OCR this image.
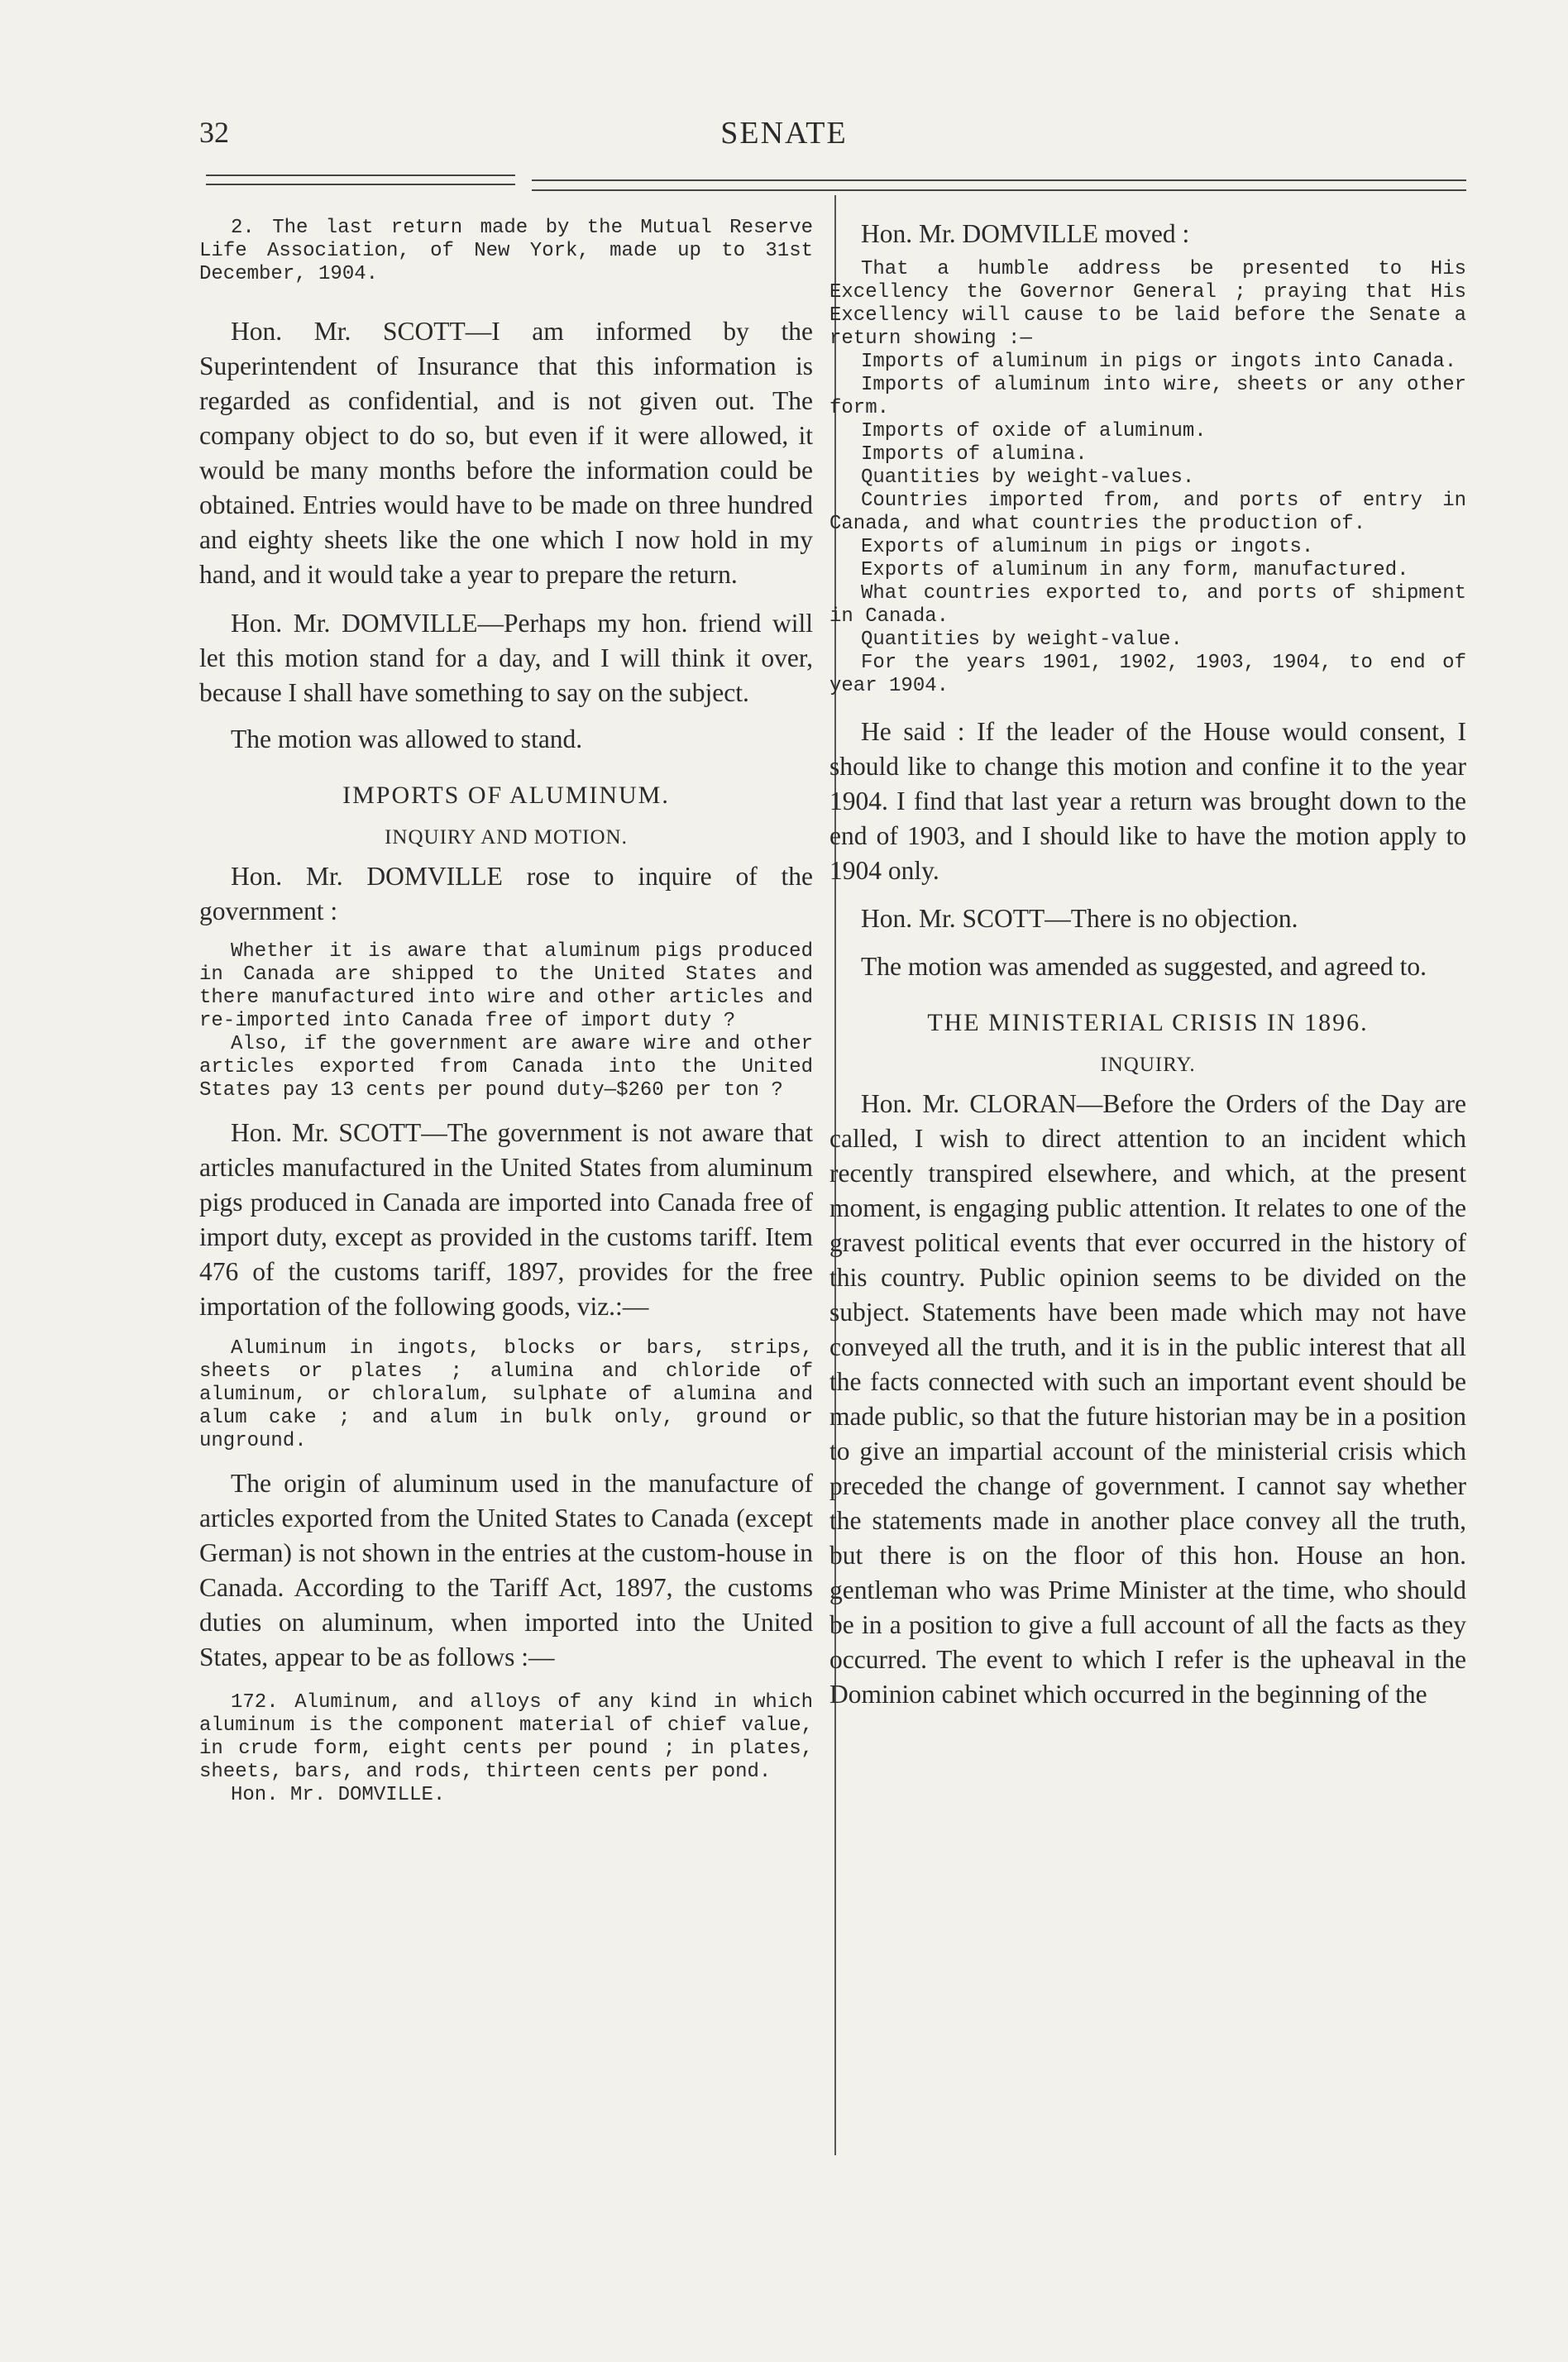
32	SENATE

2. The last return made by the Mutual Reserve Life Association, of New York, made up to 31st December, 1904.

Hon. Mr. SCOTT—I am informed by the Superintendent of Insurance that this information is regarded as confidential, and is not given out. The company object to do so, but even if it were allowed, it would be many months before the information could be obtained. Entries would have to be made on three hundred and eighty sheets like the one which I now hold in my hand, and it would take a year to prepare the return.

Hon. Mr. DOMVILLE—Perhaps my hon. friend will let this motion stand for a day, and I will think it over, because I shall have something to say on the subject.

The motion was allowed to stand.

IMPORTS OF ALUMINUM.

INQUIRY AND MOTION.

Hon. Mr. DOMVILLE rose to inquire of the government :

Whether it is aware that aluminum pigs produced in Canada are shipped to the United States and there manufactured into wire and other articles and re-imported into Canada free of import duty ?

Also, if the government are aware wire and other articles exported from Canada into the United States pay 13 cents per pound duty—$260 per ton ?

Hon. Mr. SCOTT—The government is not aware that articles manufactured in the United States from aluminum pigs produced in Canada are imported into Canada free of import duty, except as provided in the customs tariff. Item 476 of the customs tariff, 1897, provides for the free importation of the following goods, viz.:—

Aluminum in ingots, blocks or bars, strips, sheets or plates ; alumina and chloride of aluminum, or chloralum, sulphate of alumina and alum cake ; and alum in bulk only, ground or unground.

The origin of aluminum used in the manufacture of articles exported from the United States to Canada (except German) is not shown in the entries at the custom-house in Canada. According to the Tariff Act, 1897, the customs duties on aluminum, when imported into the United States, appear to be as follows :—

172. Aluminum, and alloys of any kind in which aluminum is the component material of chief value, in crude form, eight cents per pound ; in plates, sheets, bars, and rods, thirteen cents per pond.

Hon. Mr. DOMVILLE.

Hon. Mr. DOMVILLE moved :

That a humble address be presented to His Excellency the Governor General ; praying that His Excellency will cause to be laid before the Senate a return showing :—

Imports of aluminum in pigs or ingots into Canada.

Imports of aluminum into wire, sheets or any other form.

Imports of oxide of aluminum.

Imports of alumina.

Quantities by weight-values.

Countries imported from, and ports of entry in Canada, and what countries the production of.

Exports of aluminum in pigs or ingots.

Exports of aluminum in any form, manufactured.

What countries exported to, and ports of shipment in Canada.

Quantities by weight-value.

For the years 1901, 1902, 1903, 1904, to end of year 1904.

He said : If the leader of the House would consent, I should like to change this motion and confine it to the year 1904. I find that last year a return was brought down to the end of 1903, and I should like to have the motion apply to 1904 only.

Hon. Mr. SCOTT—There is no objection.

The motion was amended as suggested, and agreed to.

THE MINISTERIAL CRISIS IN 1896.

INQUIRY.

Hon. Mr. CLORAN—Before the Orders of the Day are called, I wish to direct attention to an incident which recently transpired elsewhere, and which, at the present moment, is engaging public attention. It relates to one of the gravest political events that ever occurred in the history of this country. Public opinion seems to be divided on the subject. Statements have been made which may not have conveyed all the truth, and it is in the public interest that all the facts connected with such an important event should be made public, so that the future historian may be in a position to give an impartial account of the ministerial crisis which preceded the change of government. I cannot say whether the statements made in another place convey all the truth, but there is on the floor of this hon. House an hon. gentleman who was Prime Minister at the time, who should be in a position to give a full account of all the facts as they occurred. The event to which I refer is the upheaval in the Dominion cabinet which occurred in the beginning of the
